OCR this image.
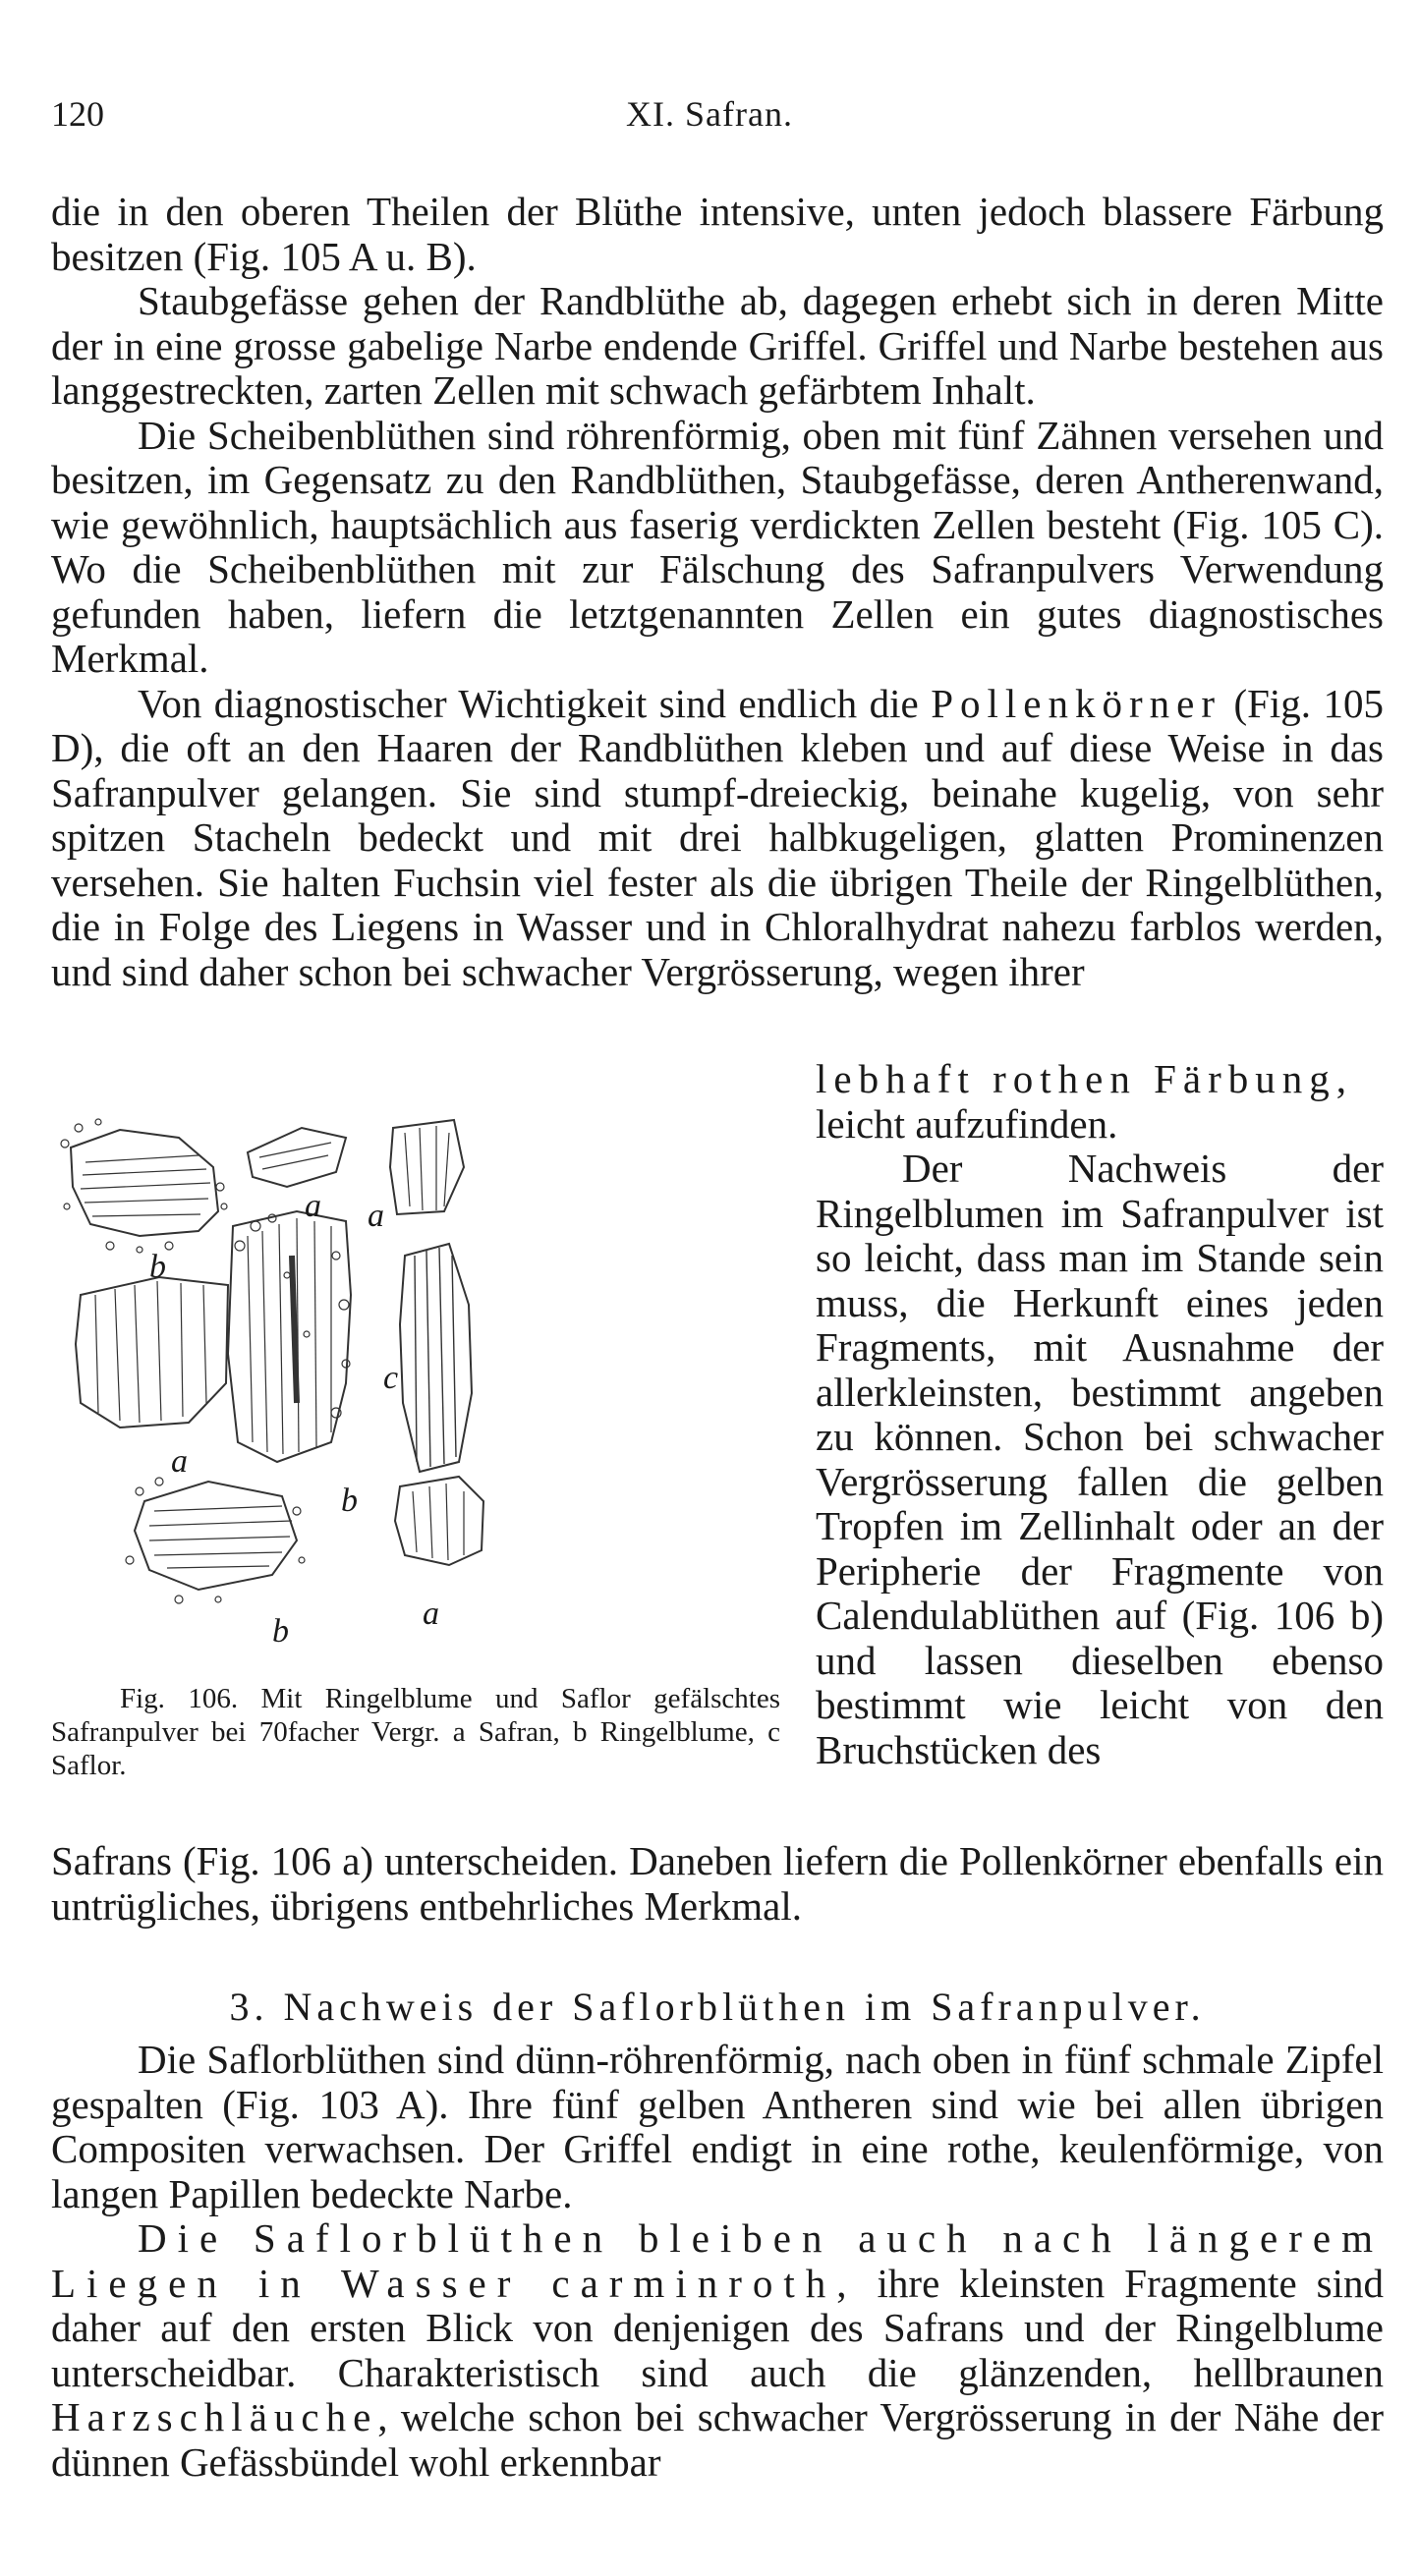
120	XI. Safran.

die in den oberen Theilen der Blüthe intensive, unten jedoch blassere Färbung besitzen (Fig. 105 A u. B).

Staubgefässe gehen der Randblüthe ab, dagegen erhebt sich in deren Mitte der in eine grosse gabelige Narbe endende Griffel. Griffel und Narbe bestehen aus langgestreckten, zarten Zellen mit schwach gefärbtem Inhalt.

Die Scheibenblüthen sind röhrenförmig, oben mit fünf Zähnen versehen und besitzen, im Gegensatz zu den Randblüthen, Staubgefässe, deren Antherenwand, wie gewöhnlich, hauptsächlich aus faserig verdickten Zellen besteht (Fig. 105 C). Wo die Scheibenblüthen mit zur Fälschung des Safranpulvers Verwendung gefunden haben, liefern die letztgenannten Zellen ein gutes diagnostisches Merkmal.

Von diagnostischer Wichtigkeit sind endlich die Pollenkörner (Fig. 105 D), die oft an den Haaren der Randblüthen kleben und auf diese Weise in das Safranpulver gelangen. Sie sind stumpf-dreieckig, beinahe kugelig, von sehr spitzen Stacheln bedeckt und mit drei halbkugeligen, glatten Prominenzen versehen. Sie halten Fuchsin viel fester als die übrigen Theile der Ringelblüthen, die in Folge des Liegens in Wasser und in Chloralhydrat nahezu farblos werden, und sind daher schon bei schwacher Vergrösserung, wegen ihrer

a a
a
a
b
b
b
c

Fig. 106. Mit Ringelblume und Saflor gefälschtes Safranpulver bei 70facher Vergr. a Safran, b Ringelblume, c Saflor.

lebhaft rothen Färbung,

leicht aufzufinden.

Der Nachweis der Ringelblumen im Safranpulver ist so leicht, dass man im Stande sein muss, die Herkunft eines jeden Fragments, mit Ausnahme der allerkleinsten, bestimmt angeben zu können. Schon bei schwacher Vergrösserung fallen die gelben Tropfen im Zellinhalt oder an der Peripherie der Fragmente von Calendulablüthen auf (Fig. 106 b) und lassen dieselben ebenso bestimmt wie leicht von den Bruchstücken des

Safrans (Fig. 106 a) unterscheiden. Daneben liefern die Pollenkörner ebenfalls ein untrügliches, übrigens entbehrliches Merkmal.

3. Nachweis der Saflorblüthen im Safranpulver.

Die Saflorblüthen sind dünn-röhrenförmig, nach oben in fünf schmale Zipfel gespalten (Fig. 103 A). Ihre fünf gelben Antheren sind wie bei allen übrigen Compositen verwachsen. Der Griffel endigt in eine rothe, keulenförmige, von langen Papillen bedeckte Narbe.

Die Saflorblüthen bleiben auch nach längerem Liegen in Wasser carminroth, ihre kleinsten Fragmente sind daher auf den ersten Blick von denjenigen des Safrans und der Ringelblume unterscheidbar. Charakteristisch sind auch die glänzenden, hellbraunen Harzschläuche, welche schon bei schwacher Vergrösserung in der Nähe der dünnen Gefässbündel wohl erkennbar
